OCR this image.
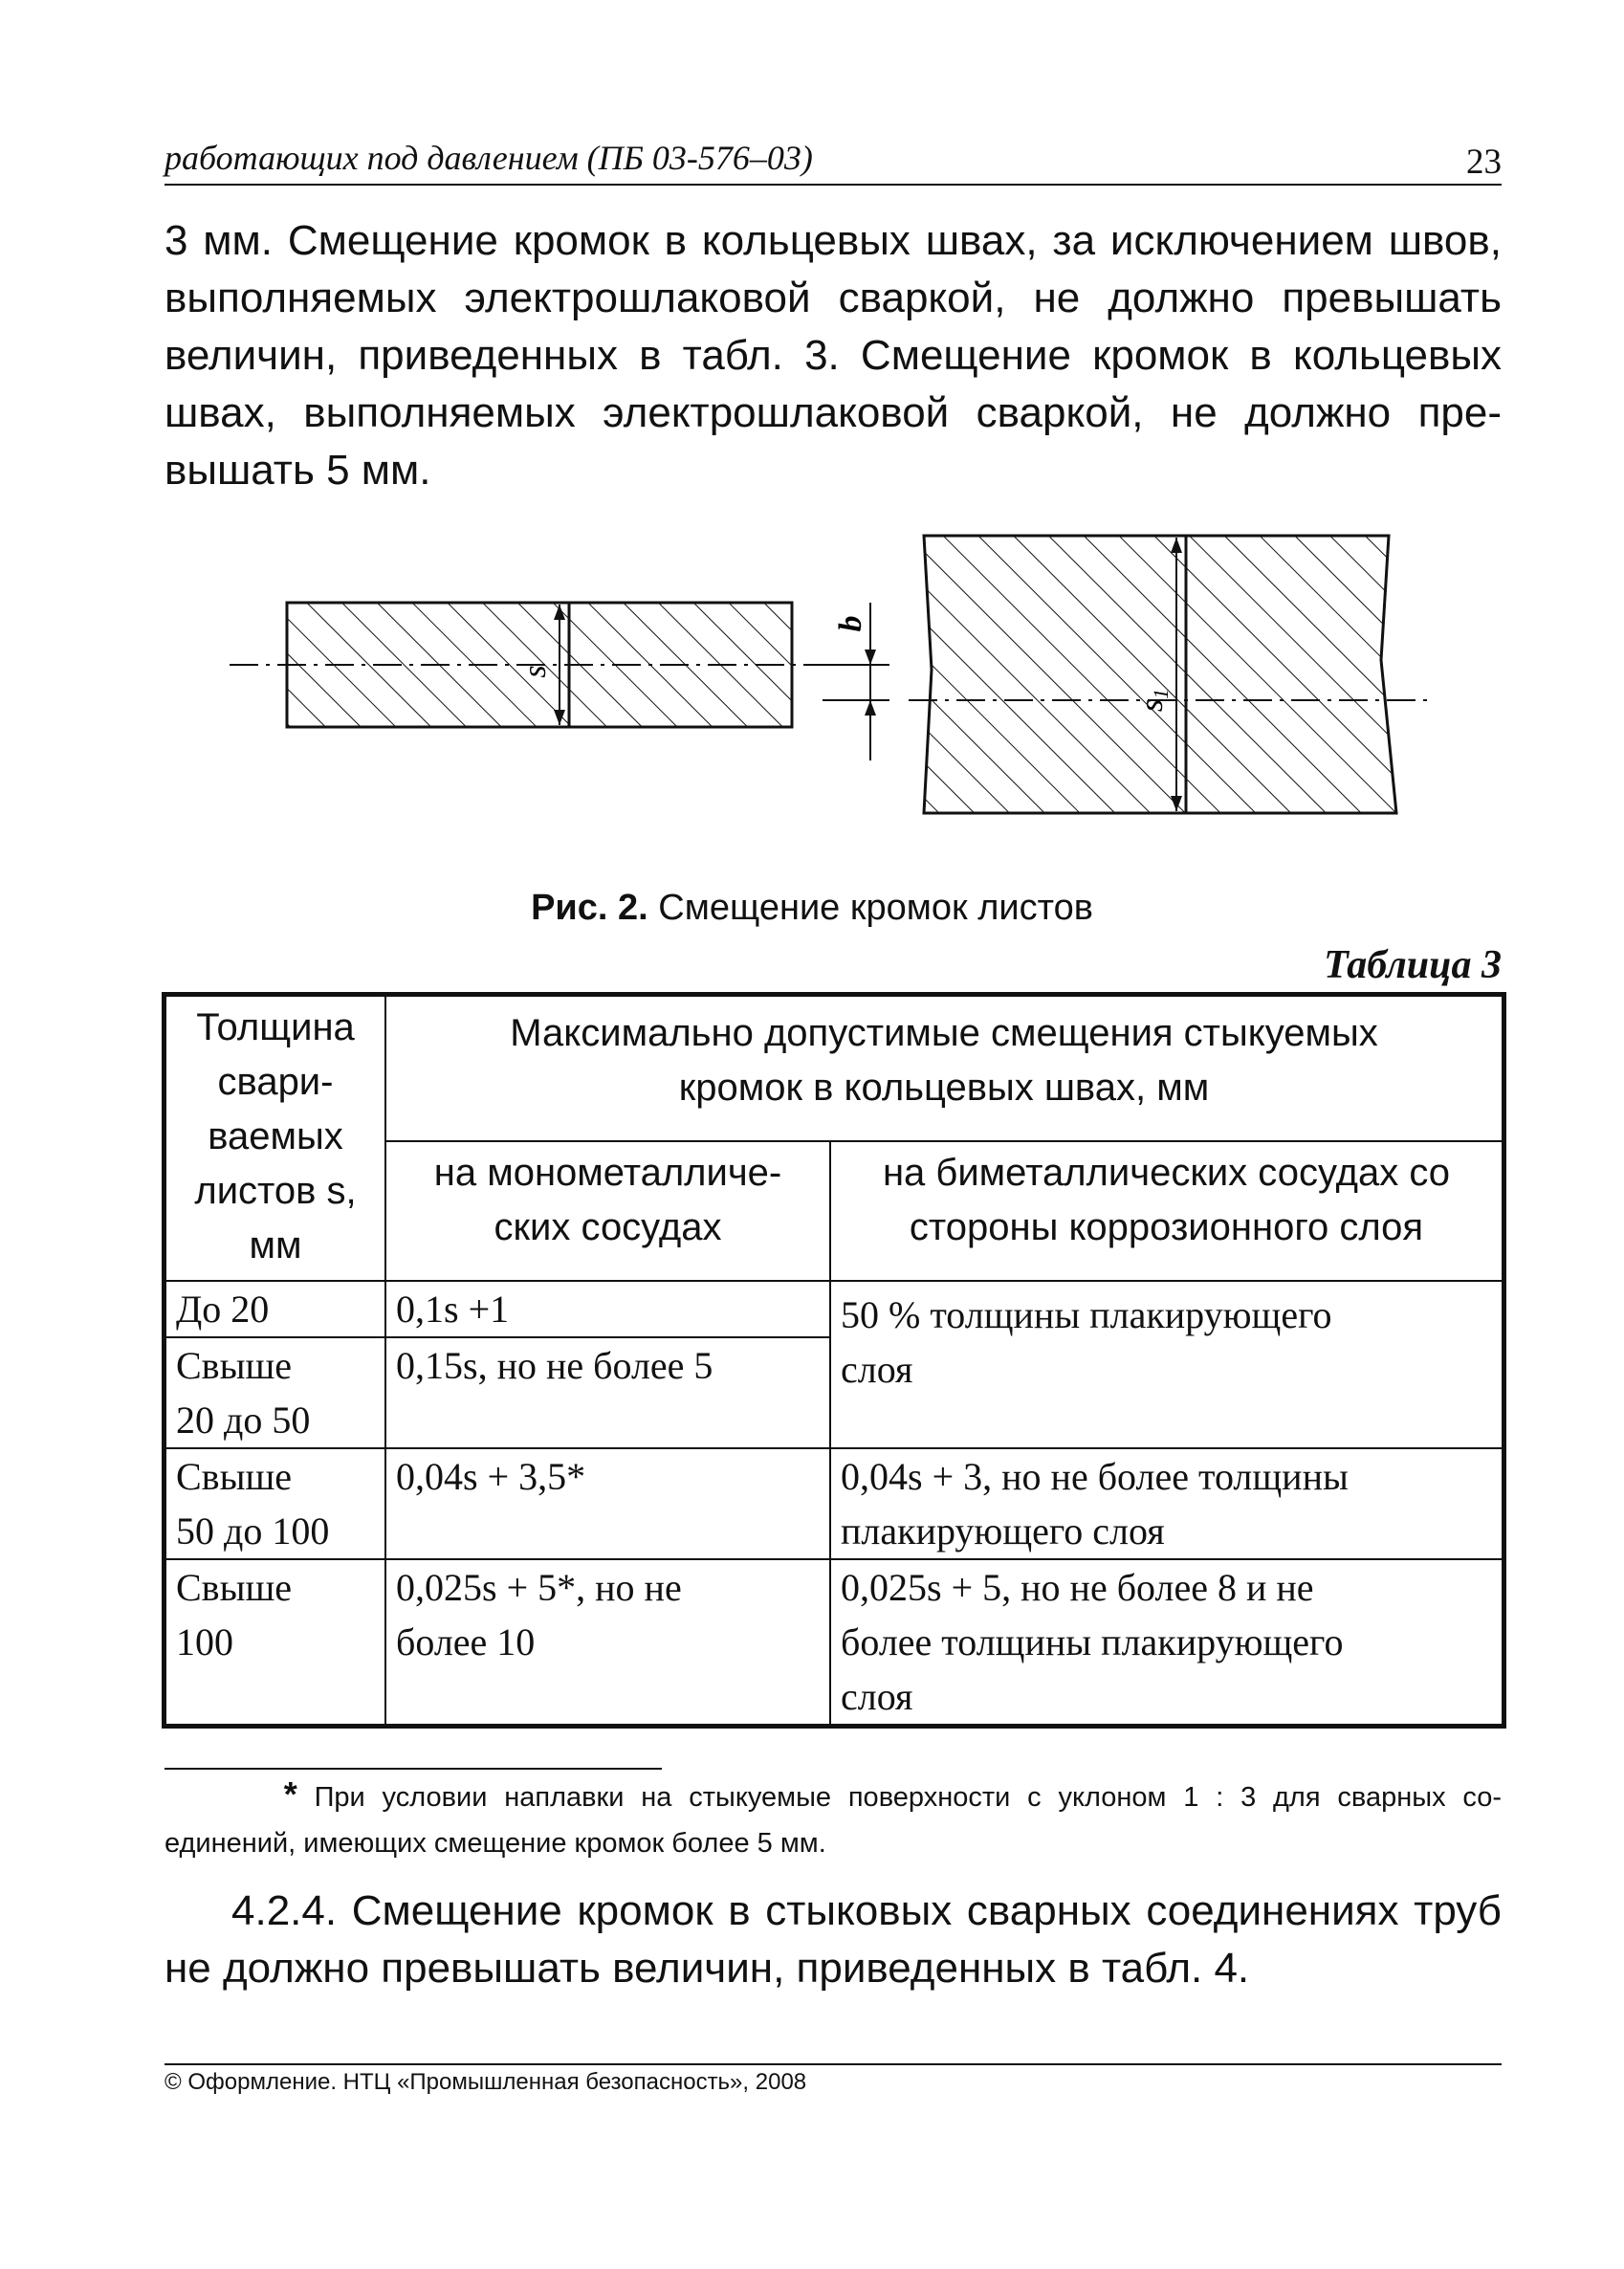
работающих под давлением (ПБ 03-576–03)	23
3 мм. Смещение кромок в кольцевых швах, за исключением швов,
выполняемых электрошлаковой сваркой, не должно превышать
величин, приведенных в табл. 3. Смещение кромок в кольцевых
швах, выполняемых электрошлаковой сваркой, не должно пре-
вышать 5 мм.
s
b
s1
Рис. 2. Смещение кромок листов
Таблица 3
Толщина
свари-
ваемых
листов s,
мм	Максимально допустимые смещения стыкуемых
кромок в кольцевых швах, мм	
	на монометалличе-
ских сосудах	на биметаллических сосудах со
стороны коррозионного слоя
До 20	0,1s +1	50 % толщины плакирующего
слоя
Свыше
20 до 50	0,15s, но не более 5	
Свыше
50 до 100	0,04s + 3,5*	0,04s + 3, но не более толщины
плакирующего слоя
Свыше
100	0,025s + 5*, но не
более 10	0,025s + 5, но не более 8 и не
более толщины плакирующего
слоя
* При условии наплавки на стыкуемые поверхности с уклоном 1 : 3 для сварных со-
единений, имеющих смещение кромок более 5 мм.
4.2.4. Смещение кромок в стыковых сварных соединениях труб
не должно превышать величин, приведенных в табл. 4.
© Оформление. НТЦ «Промышленная безопасность», 2008
